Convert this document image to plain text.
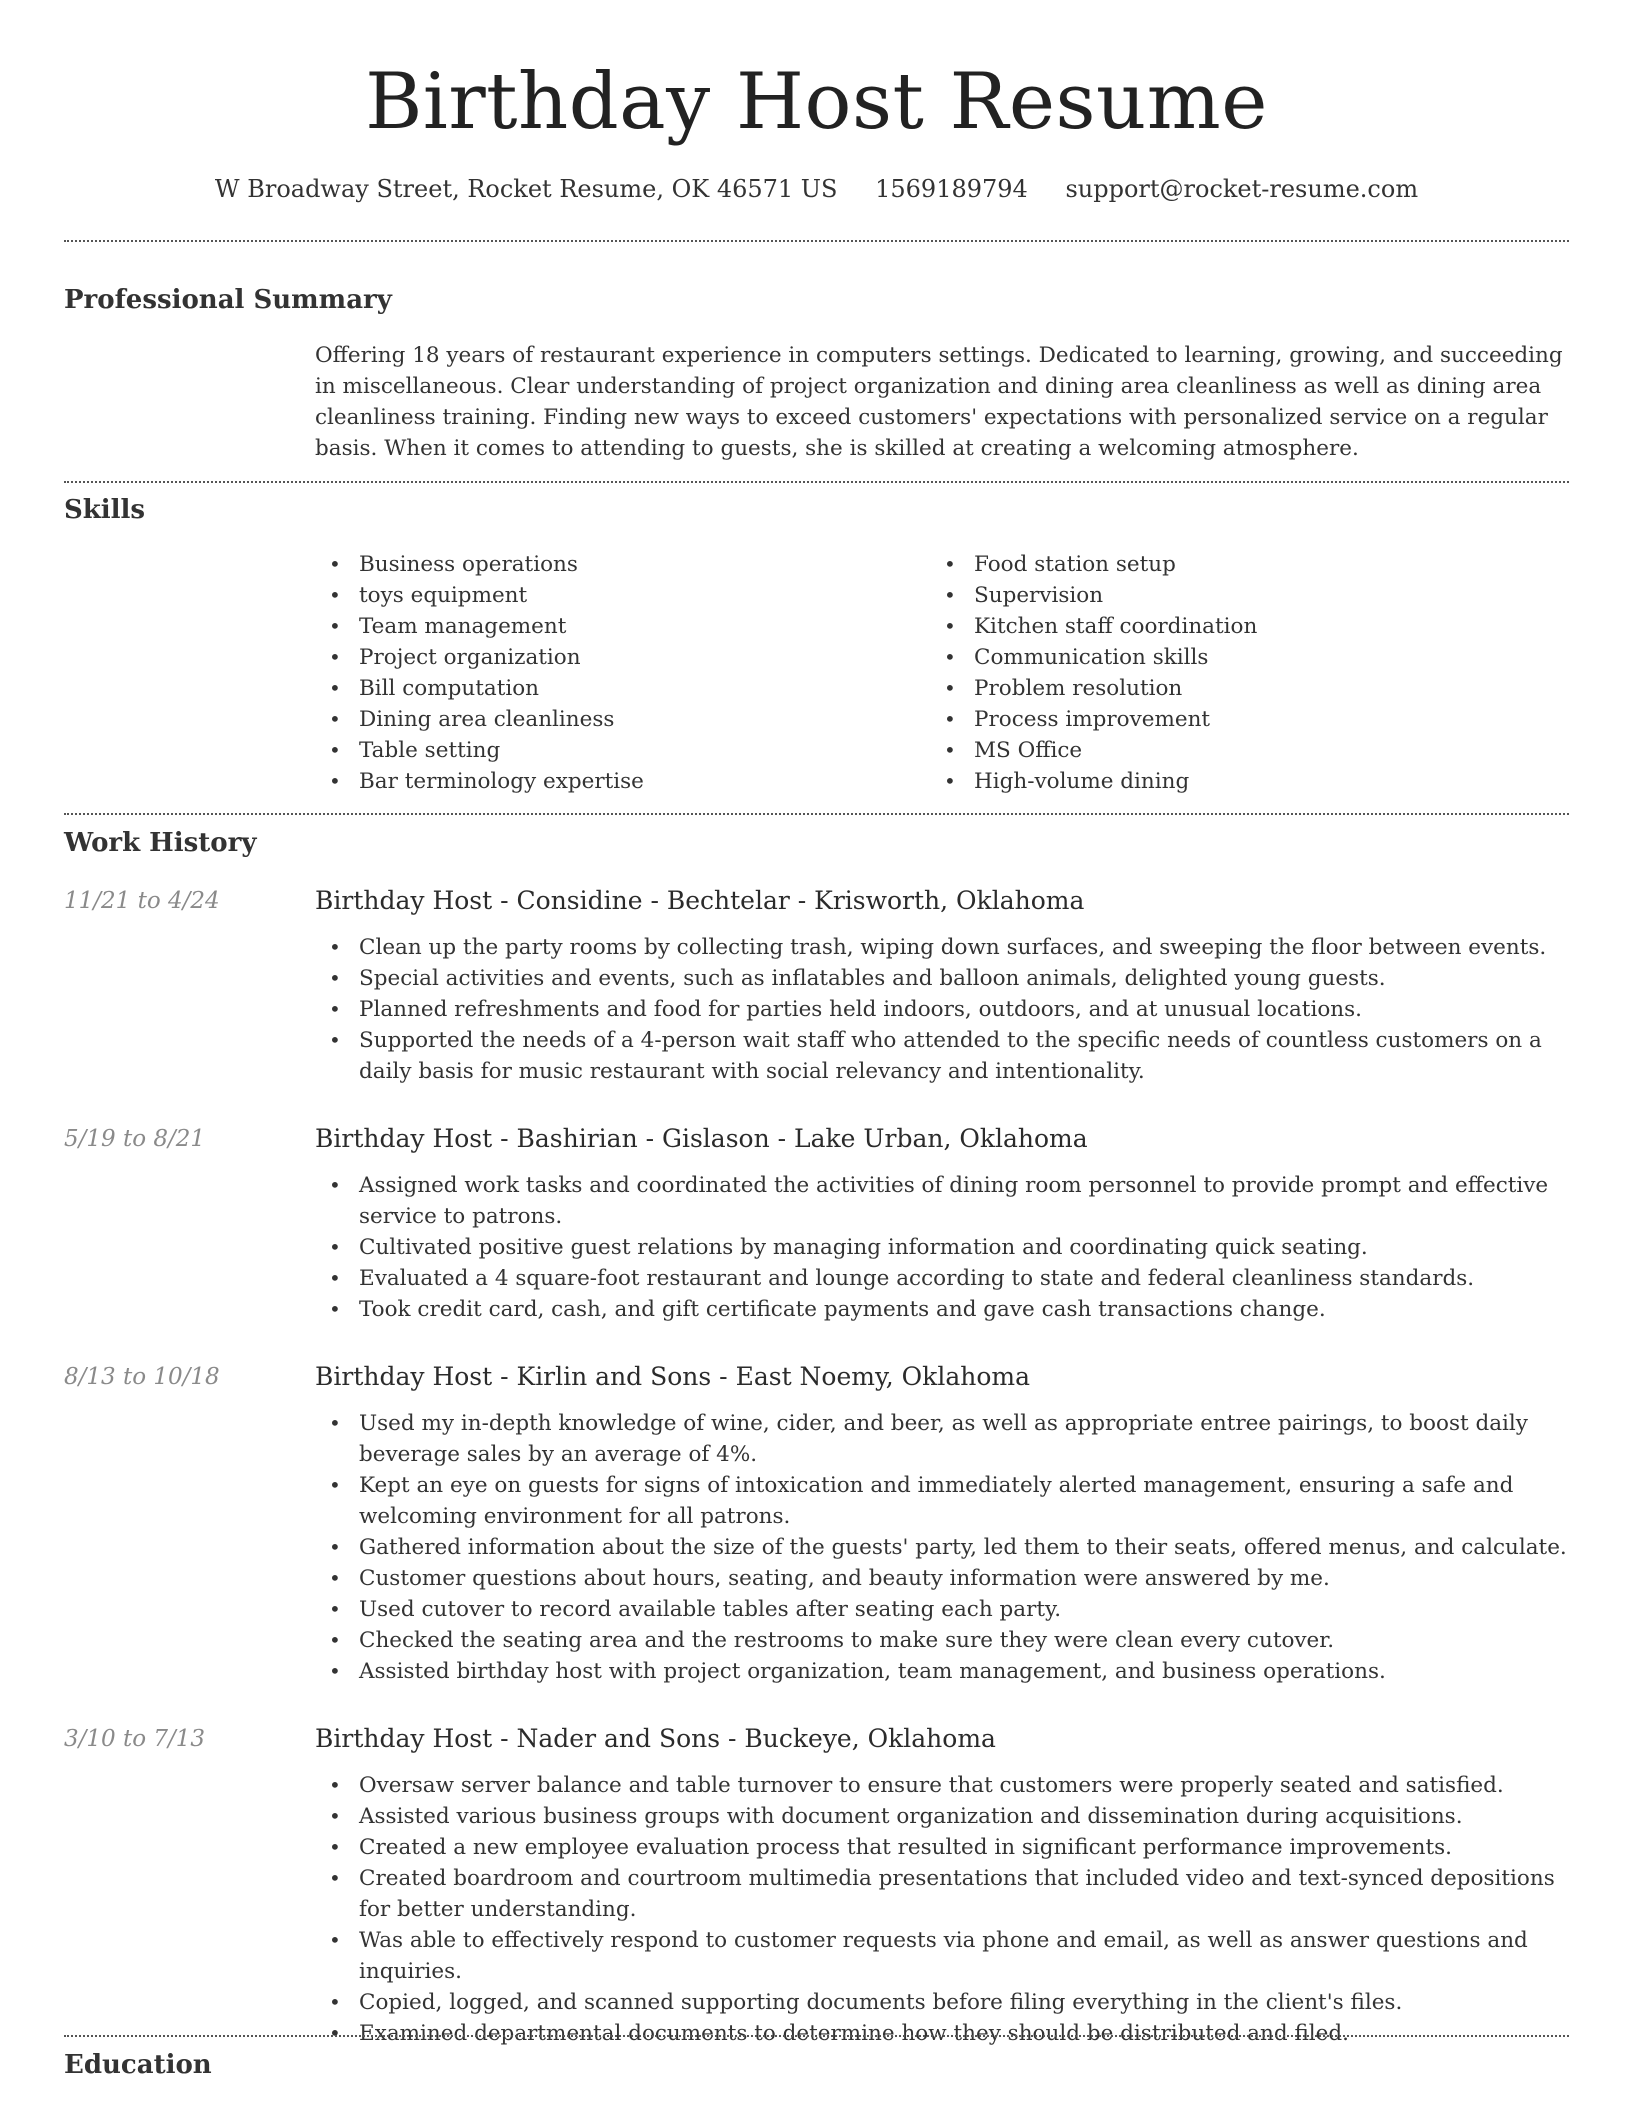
Birthday Host Resume
W Broadway Street, Rocket Resume, OK 46571 US 1569189794 support@rocket-resume.com
Professional Summary

Offering 18 years of restaurant experience in computers settings. Dedicated to learning, growing, and succeeding in miscellaneous. Clear understanding of project organization and dining area cleanliness as well as dining area cleanliness training. Finding new ways to exceed customers' expectations with personalized service on a regular basis. When it comes to attending to guests, she is skilled at creating a welcoming atmosphere.

Skills
• Business operations
• toys equipment
• Team management
• Project organization
• Bill computation
• Dining area cleanliness
• Table setting
• Bar terminology expertise
• Food station setup
• Supervision
• Kitchen staff coordination
• Communication skills
• Problem resolution
• Process improvement
• MS Office
• High-volume dining
Work History
11/21 to 4/24	Birthday Host - Considine - Bechtelar - Krisworth, Oklahoma
• Clean up the party rooms by collecting trash, wiping down surfaces, and sweeping the floor between events.
• Special activities and events, such as inflatables and balloon animals, delighted young guests.
• Planned refreshments and food for parties held indoors, outdoors, and at unusual locations.
• Supported the needs of a 4-person wait staff who attended to the specific needs of countless customers on a daily basis for music restaurant with social relevancy and intentionality.
5/19 to 8/21	Birthday Host - Bashirian - Gislason - Lake Urban, Oklahoma
• Assigned work tasks and coordinated the activities of dining room personnel to provide prompt and effective service to patrons.
• Cultivated positive guest relations by managing information and coordinating quick seating.
• Evaluated a 4 square-foot restaurant and lounge according to state and federal cleanliness standards.
• Took credit card, cash, and gift certificate payments and gave cash transactions change.
8/13 to 10/18	Birthday Host - Kirlin and Sons - East Noemy, Oklahoma
• Used my in-depth knowledge of wine, cider, and beer, as well as appropriate entree pairings, to boost daily beverage sales by an average of 4%.
• Kept an eye on guests for signs of intoxication and immediately alerted management, ensuring a safe and welcoming environment for all patrons.
• Gathered information about the size of the guests' party, led them to their seats, offered menus, and calculate.
• Customer questions about hours, seating, and beauty information were answered by me.
• Used cutover to record available tables after seating each party.
• Checked the seating area and the restrooms to make sure they were clean every cutover.
• Assisted birthday host with project organization, team management, and business operations.
3/10 to 7/13	Birthday Host - Nader and Sons - Buckeye, Oklahoma
• Oversaw server balance and table turnover to ensure that customers were properly seated and satisfied.
• Assisted various business groups with document organization and dissemination during acquisitions.
• Created a new employee evaluation process that resulted in significant performance improvements.
• Created boardroom and courtroom multimedia presentations that included video and text-synced depositions for better understanding.
• Was able to effectively respond to customer requests via phone and email, as well as answer questions and inquiries.
• Copied, logged, and scanned supporting documents before filing everything in the client's files.
• Examined departmental documents to determine how they should be distributed and filed.
Education
